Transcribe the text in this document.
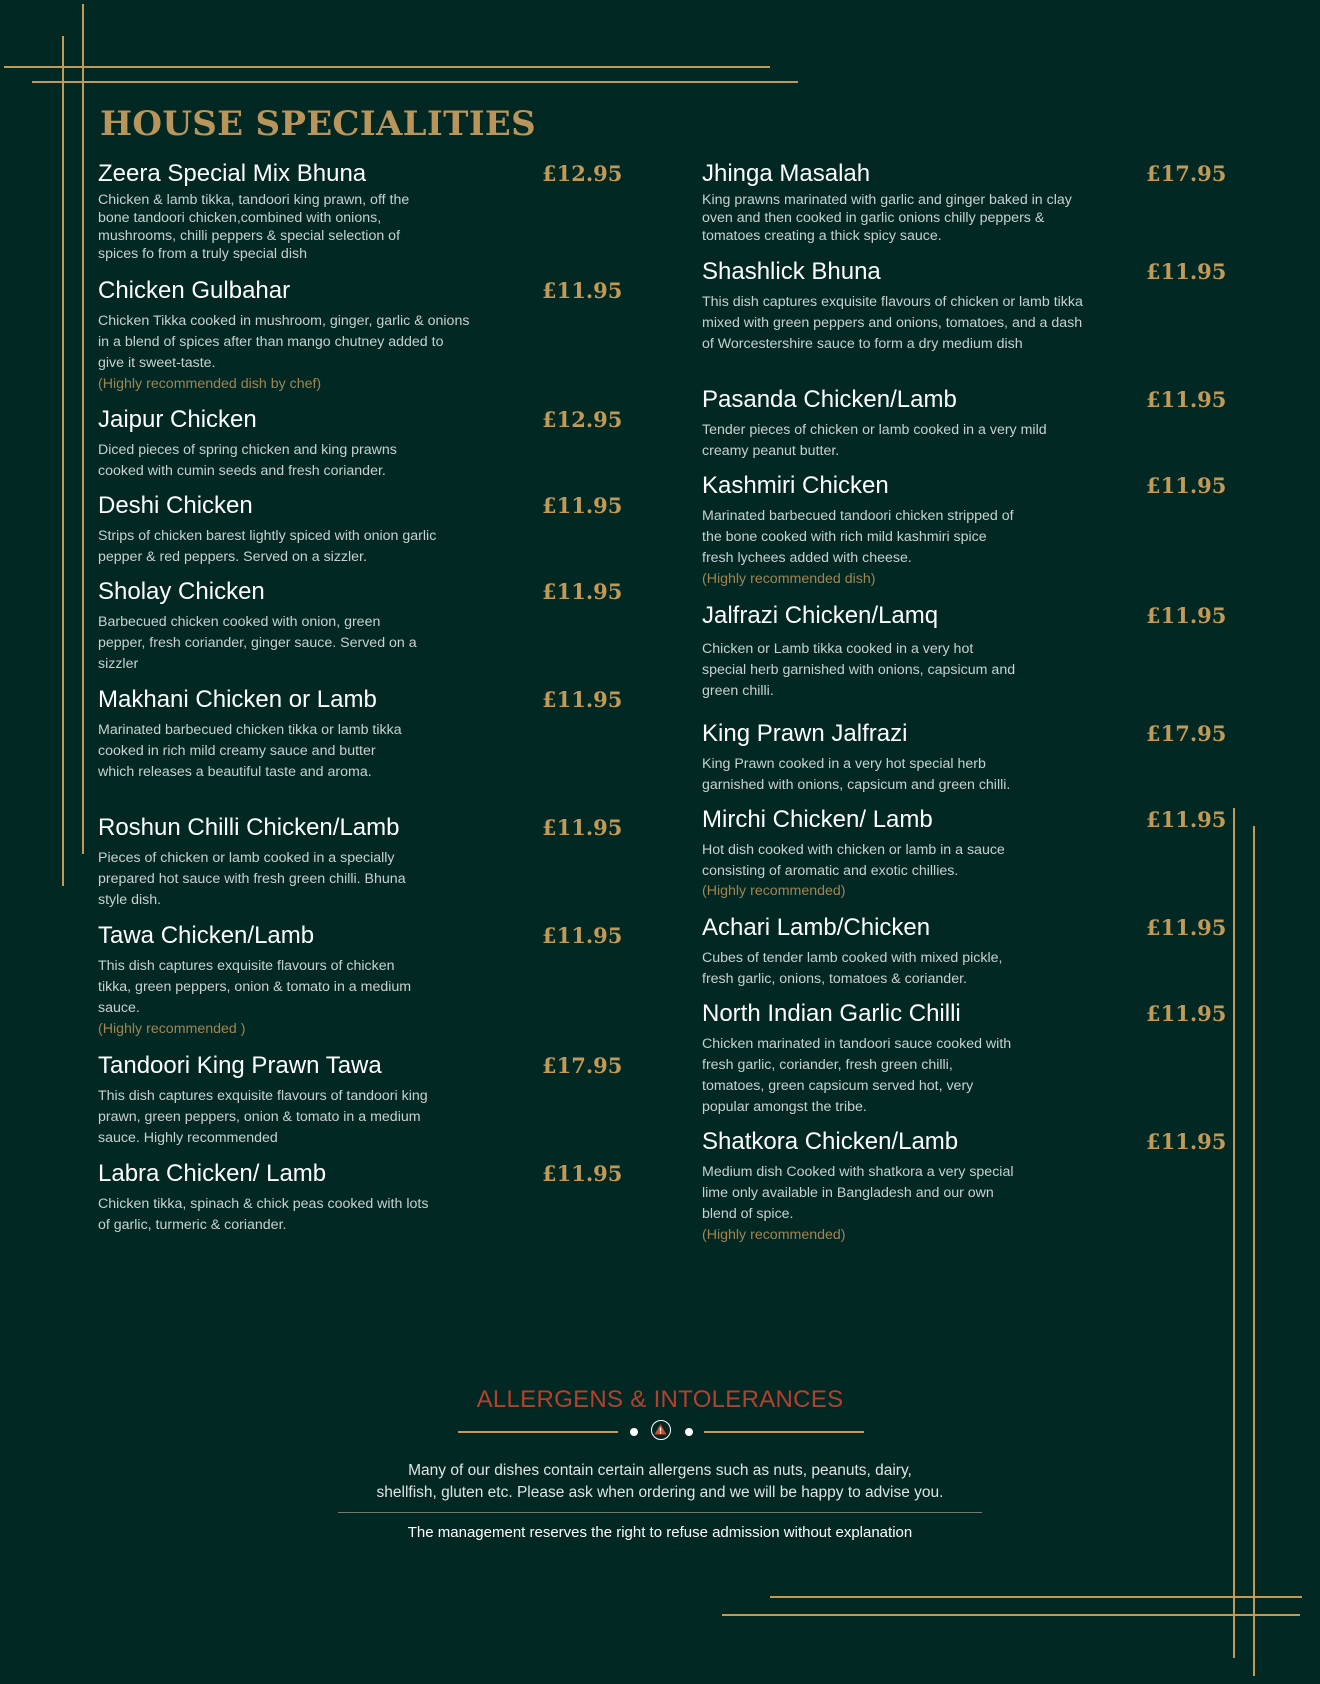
HOUSE SPECIALITIES
Zeera Special Mix Bhuna	£12.95
Chicken & lamb tikka, tandoori king prawn, off the bone tandoori chicken,combined with onions, mushrooms, chilli peppers & special selection of spices fo from a truly special dish
Chicken Gulbahar	£11.95
Chicken Tikka cooked in mushroom, ginger, garlic & onions in a blend of spices after than mango chutney added to give it sweet-taste.
(Highly recommended dish by chef)
Jaipur Chicken	£12.95
Diced pieces of spring chicken and king prawns cooked with cumin seeds and fresh coriander.
Deshi Chicken	£11.95
Strips of chicken barest lightly spiced with onion garlic pepper & red peppers. Served on a sizzler.
Sholay Chicken	£11.95
Barbecued chicken cooked with onion, green pepper, fresh coriander, ginger sauce. Served on a sizzler
Makhani Chicken or Lamb	£11.95
Marinated barbecued chicken tikka or lamb tikka cooked in rich mild creamy sauce and butter which releases a beautiful taste and aroma.
Roshun Chilli Chicken/Lamb	£11.95
Pieces of chicken or lamb cooked in a specially prepared hot sauce with fresh green chilli. Bhuna style dish.
Tawa Chicken/Lamb	£11.95
This dish captures exquisite flavours of chicken tikka, green peppers, onion & tomato in a medium sauce.
(Highly recommended )
Tandoori King Prawn Tawa	£17.95
This dish captures exquisite flavours of tandoori king prawn, green peppers, onion & tomato in a medium sauce. Highly recommended
Labra Chicken/ Lamb	£11.95
Chicken tikka, spinach & chick peas cooked with lots of garlic, turmeric & coriander.
Jhinga Masalah	£17.95
King prawns marinated with garlic and ginger baked in clay oven and then cooked in garlic onions chilly peppers & tomatoes creating a thick spicy sauce.
Shashlick Bhuna	£11.95
This dish captures exquisite flavours of chicken or lamb tikka mixed with green peppers and onions, tomatoes, and a dash of Worcestershire sauce to form a dry medium dish
Pasanda Chicken/Lamb	£11.95
Tender pieces of chicken or lamb cooked in a very mild creamy peanut butter.
Kashmiri Chicken	£11.95
Marinated barbecued tandoori chicken stripped of the bone cooked with rich mild kashmiri spice fresh lychees added with cheese.
(Highly recommended dish)
Jalfrazi Chicken/Lamq	£11.95
Chicken or Lamb tikka cooked in a very hot special herb garnished with onions, capsicum and green chilli.
King Prawn Jalfrazi	£17.95
King Prawn cooked in a very hot special herb garnished with onions, capsicum and green chilli.
Mirchi Chicken/ Lamb	£11.95
Hot dish cooked with chicken or lamb in a sauce consisting of aromatic and exotic chillies.
(Highly recommended)
Achari Lamb/Chicken	£11.95
Cubes of tender lamb cooked with mixed pickle, fresh garlic, onions, tomatoes & coriander.
North Indian Garlic Chilli	£11.95
Chicken marinated in tandoori sauce cooked with fresh garlic, coriander, fresh green chilli, tomatoes, green capsicum served hot, very popular amongst the tribe.
Shatkora Chicken/Lamb	£11.95
Medium dish Cooked with shatkora a very special lime only available in Bangladesh and our own blend of spice.
(Highly recommended)
ALLERGENS & INTOLERANCES
Many of our dishes contain certain allergens such as nuts, peanuts, dairy,
shellfish, gluten etc. Please ask when ordering and we will be happy to advise you.
The management reserves the right to refuse admission without explanation
